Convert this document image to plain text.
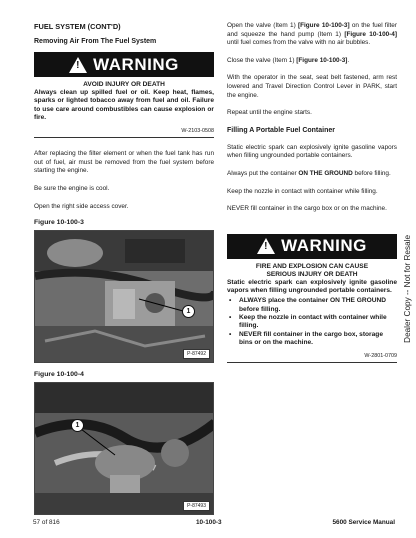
FUEL SYSTEM (CONT'D)
Removing Air From The Fuel System
! WARNING
AVOID INJURY OR DEATH
Always clean up spilled fuel or oil. Keep heat, flames, sparks or lighted tobacco away from fuel and oil. Failure to use care around combustibles can cause explosion or fire.
W-2103-0508
After replacing the filter element or when the fuel tank has run out of fuel, air must be removed from the fuel system before starting the engine.
Be sure the engine is cool.
Open the right side access cover.
Figure 10-100-3
1
P-87492
Figure 10-100-4
1
P-87493
Open the valve (Item 1) [Figure 10-100-3] on the fuel filter and squeeze the hand pump (Item 1) [Figure 10-100-4] until fuel comes from the valve with no air bubbles.
Close the valve (Item 1) [Figure 10-100-3].
With the operator in the seat, seat belt fastened, arm rest lowered and Travel Direction Control Lever in PARK, start the engine.
Repeat until the engine starts.
Filling A Portable Fuel Container
Static electric spark can explosively ignite gasoline vapors when filling ungrounded portable containers.
Always put the container ON THE GROUND before filling.
Keep the nozzle in contact with container while filling.
NEVER fill container in the cargo box or on the machine.
! WARNING
FIRE AND EXPLOSION CAN CAUSE
SERIOUS INJURY OR DEATH
Static electric spark can explosively ignite gasoline vapors when filling ungrounded portable containers.
• ALWAYS place the container ON THE GROUND before filling.
• Keep the nozzle in contact with container while filling.
• NEVER fill container in the cargo box, storage bins or on the machine.
W-2801-0709
Dealer Copy -- Not for Resale
57 of 816	10-100-3	5600 Service Manual
